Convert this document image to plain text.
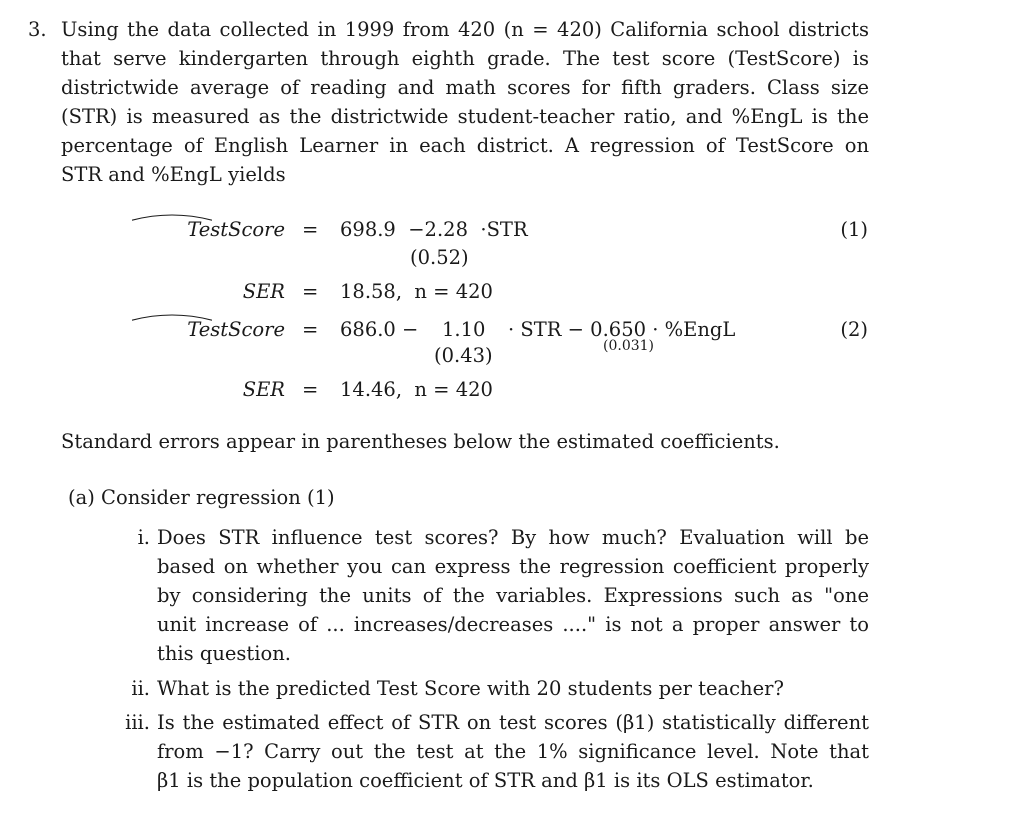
3. Using the data collected in 1999 from 420 (n = 420) California school districts
that serve kindergarten through eighth grade. The test score (TestScore) is
districtwide average of reading and math scores for fifth graders. Class size
(STR) is measured as the districtwide student-teacher ratio, and %EngL is the
percentage of English Learner in each district. A regression of TestScore on
STR and %EngL yields
TestScore = 698.9  −2.28  ·STR
(0.52)
(1)
SER = 18.58,  n = 420
TestScore = 686.0 − 1.10 · STR − 0.650 · %EngL
(0.43)	(0.031)
(2)
SER = 14.46,  n = 420
Standard errors appear in parentheses below the estimated coefficients.
(a) Consider regression (1)
i. Does STR influence test scores? By how much? Evaluation will be
based on whether you can express the regression coefficient properly
by considering the units of the variables. Expressions such as "one
unit increase of ... increases/decreases ...." is not a proper answer to
this question.
ii. What is the predicted Test Score with 20 students per teacher?
iii. Is the estimated effect of STR on test scores (β1) statistically different
from −1? Carry out the test at the 1% significance level. Note that
β1 is the population coefficient of STR and β1 is its OLS estimator.
